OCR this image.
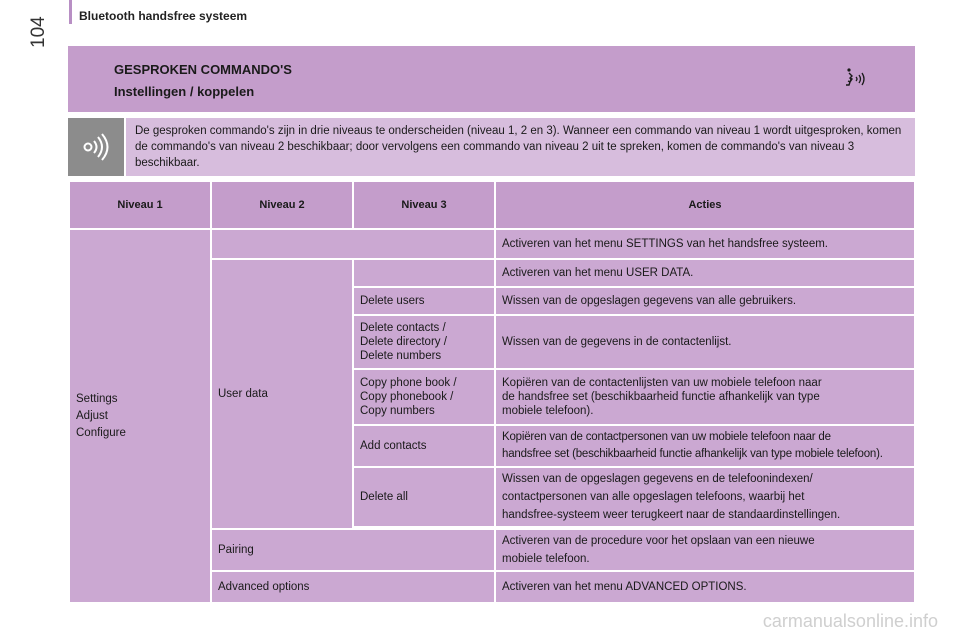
Bluetooth handsfree systeem
104
GESPROKEN COMMANDO'S
Instellingen / koppelen

De gesproken commando's zijn in drie niveaus te onderscheiden (niveau 1, 2 en 3). Wanneer een commando van niveau 1 wordt uitgesproken, komen de commando's van niveau 2 beschikbaar; door vervolgens een commando van niveau 2 uit te spreken, komen de commando's van niveau 3 beschikbaar.

Niveau 1	Niveau 2	Niveau 3	Acties
Settings
Adjust
Configure			Activeren van het menu SETTINGS van het handsfree systeem.
	User data		Activeren van het menu USER DATA.
		Delete users	Wissen van de opgeslagen gegevens van alle gebruikers.
		Delete contacts /
Delete directory /
Delete numbers	Wissen van de gegevens in de contactenlijst.
		Copy phone book /
Copy phonebook /
Copy numbers	Kopiëren van de contactenlijsten van uw mobiele telefoon naar
de handsfree set (beschikbaarheid functie afhankelijk van type
mobiele telefoon).
		Add contacts	Kopiëren van de contactpersonen van uw mobiele telefoon naar de
handsfree set (beschikbaarheid functie afhankelijk van type mobiele telefoon).
		Delete all	Wissen van de opgeslagen gegevens en de telefoonindexen/
contactpersonen van alle opgeslagen telefoons, waarbij het
handsfree-systeem weer terugkeert naar de standaardinstellingen.

	Pairing		Activeren van de procedure voor het opslaan van een nieuwe
mobiele telefoon.
	Advanced options		Activeren van het menu ADVANCED OPTIONS.
carmanualsonline.info
